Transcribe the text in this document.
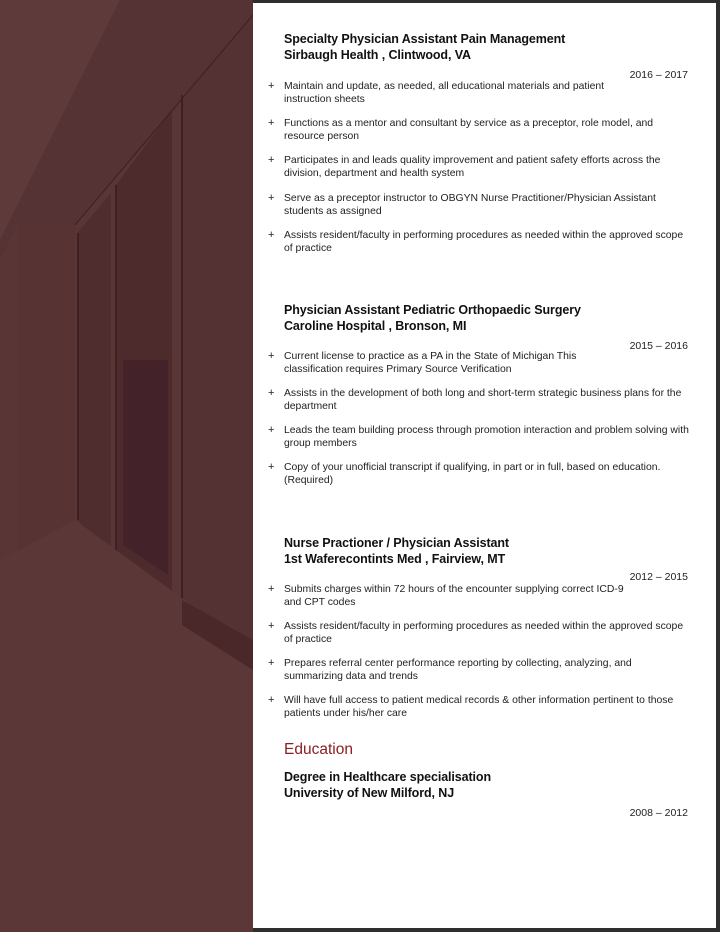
Specialty Physician Assistant Pain Management
Sirbaugh Health , Clintwood, VA
2016 – 2017
+ Maintain and update, as needed, all educational materials and patient instruction sheets
+ Functions as a mentor and consultant by service as a preceptor, role model, and resource person
+ Participates in and leads quality improvement and patient safety efforts across the division, department and health system
+ Serve as a preceptor instructor to OBGYN Nurse Practitioner/Physician Assistant students as assigned
+ Assists resident/faculty in performing procedures as needed within the approved scope of practice
Physician Assistant Pediatric Orthopaedic Surgery
Caroline Hospital , Bronson, MI
2015 – 2016
+ Current license to practice as a PA in the State of Michigan This classification requires Primary Source Verification
+ Assists in the development of both long and short-term strategic business plans for the department
+ Leads the team building process through promotion interaction and problem solving with group members
+ Copy of your unofficial transcript if qualifying, in part or in full, based on education. (Required)
Nurse Practioner / Physician Assistant
1st Waferecontints Med , Fairview, MT
2012 – 2015
+ Submits charges within 72 hours of the encounter supplying correct ICD-9 and CPT codes
+ Assists resident/faculty in performing procedures as needed within the approved scope of practice
+ Prepares referral center performance reporting by collecting, analyzing, and summarizing data and trends
+ Will have full access to patient medical records & other information pertinent to those patients under his/her care
Education
Degree in Healthcare specialisation
University of New Milford, NJ
2008 – 2012
